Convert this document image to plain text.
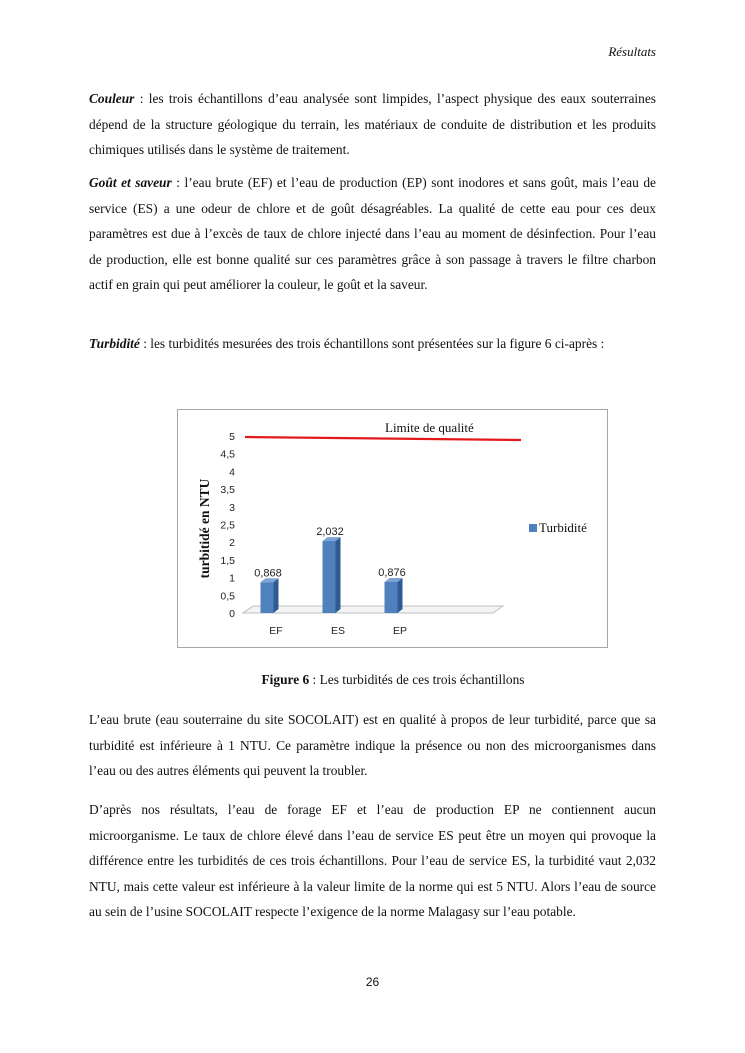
Résultats

Couleur : les trois échantillons d’eau analysée sont limpides, l’aspect physique des eaux souterraines dépend de la structure géologique du terrain, les matériaux de conduite de distribution et les produits chimiques utilisés dans le système de traitement.

Goût et saveur : l’eau brute (EF) et l’eau de production (EP) sont inodores et sans goût, mais l’eau de service (ES) a une odeur de chlore et de goût désagréables. La qualité de cette eau pour ces deux paramètres est due à l’excès de taux de chlore injecté dans l’eau au moment de désinfection. Pour l’eau de production, elle est bonne qualité sur ces paramètres grâce à son passage à travers le filtre charbon actif en grain qui peut améliorer la couleur, le goût et la saveur.

Turbidité : les turbidités mesurées des trois échantillons sont présentées sur la figure 6 ci-après :

0
0,5
1
1,5
2
2,5
3
3,5
4
4,5
5
turbitidé en NTU	0,868
EF
2,032
ES
0,876
EP
Limite de qualité
Turbidité
Figure 6 : Les turbidités de ces trois échantillons

L’eau brute (eau souterraine du site SOCOLAIT) est en qualité à propos de leur turbidité, parce que sa turbidité est inférieure à 1 NTU. Ce paramètre indique la présence ou non des microorganismes dans l’eau ou des autres éléments qui peuvent la troubler.

D’après nos résultats, l’eau de forage EF et l’eau de production EP ne contiennent aucun microorganisme. Le taux de chlore élevé dans l’eau de service ES peut être un moyen qui provoque la différence entre les turbidités de ces trois échantillons. Pour l’eau de service ES, la turbidité vaut 2,032 NTU, mais cette valeur est inférieure à la valeur limite de la norme qui est 5 NTU. Alors l’eau de source au sein de l’usine SOCOLAIT respecte l’exigence de la norme Malagasy sur l’eau potable.

26
